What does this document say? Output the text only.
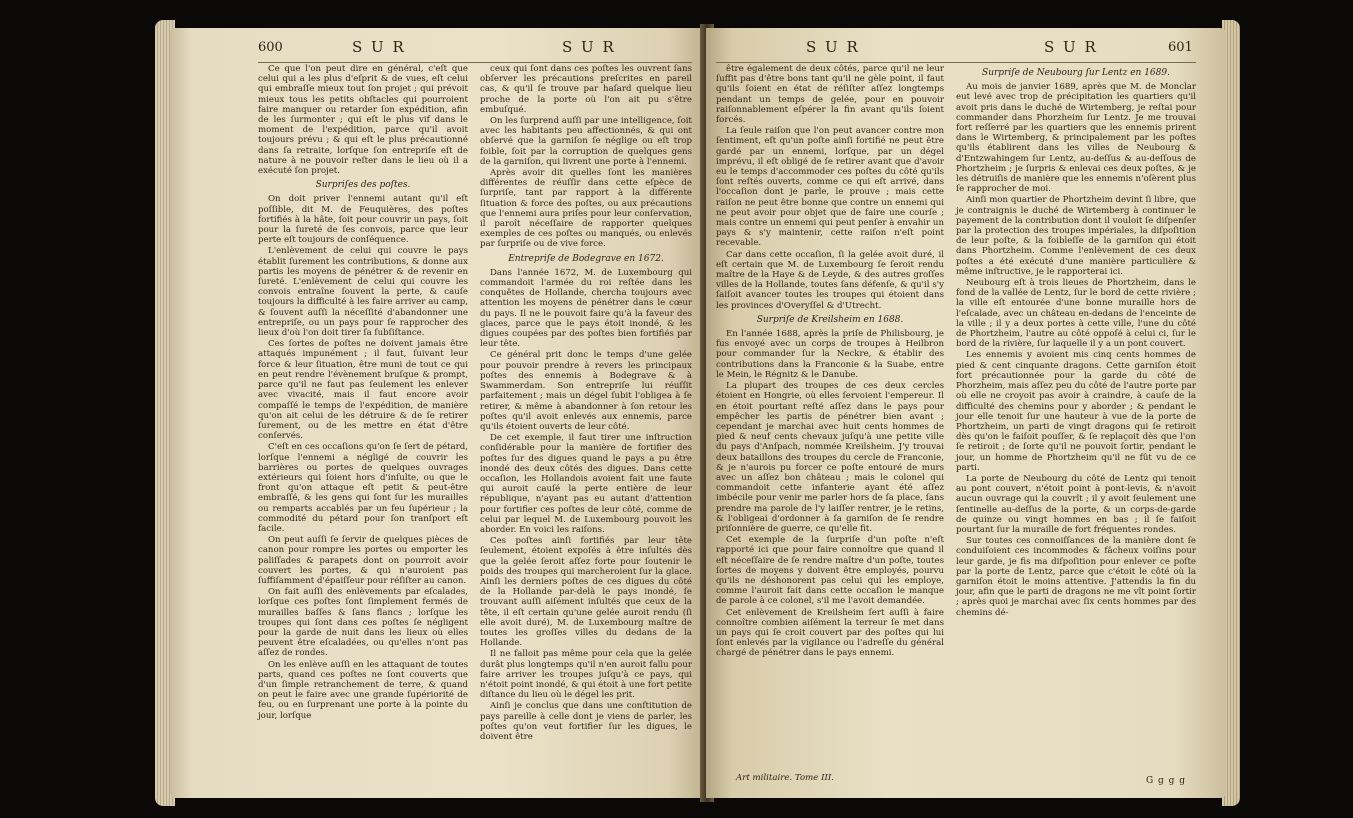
600	S U R	S U R

Ce que l'on peut dire en général, c'eſt que celui qui a les plus d'eſprit & de vues, eſt celui qui embraſſe mieux tout ſon projet ; qui prévoit mieux tous les petits obſtacles qui pourroient faire manquer ou retarder ſon expédition, afin de les ſurmonter ; qui eſt le plus vif dans le moment de l'expédition, parce qu'il avoit toujours prévu ; & qui eſt le plus précautionné dans ſa retraite, lorſque ſon entrepriſe eſt de nature à ne pouvoir reſter dans le lieu où il a exécuté ſon projet.

Surpriſes des poſtes.

On doit priver l'ennemi autant qu'il eſt poſſible, dit M. de Feuquières, des poſtes fortifiés à la hâte, ſoit pour couvrir un pays, ſoit pour la ſureté de ſes convois, parce que leur perte eſt toujours de conſéquence.

L'enlèvement de celui qui couvre le pays établit ſurement les contributions, & donne aux partis les moyens de pénétrer & de revenir en ſureté. L'enlèvement de celui qui couvre les convois entraîne ſouvent la perte, & cauſe toujours la difficulté à les faire arriver au camp, & ſouvent auſſi la néceſſité d'abandonner une entrepriſe, ou un pays pour ſe rapprocher des lieux d'où l'on doit tirer ſa ſubſiſtance.

Ces ſortes de poſtes ne doivent jamais être attaqués impunément ; il faut, ſuivant leur force & leur ſituation, être muni de tout ce qui en peut rendre l'évènement bruſque & prompt, parce qu'il ne faut pas ſeulement les enlever avec vivacité, mais il faut encore avoir compaſſé le temps de l'expédition, de manière qu'on ait celui de les détruire & de ſe retirer ſurement, ou de les mettre en état d'être conſervés.

C'eſt en ces occaſions qu'on ſe ſert de pétard, lorſque l'ennemi a négligé de couvrir les barrières ou portes de quelques ouvrages extérieurs qui ſoient hors d'inſulte, ou que le front qu'on attaque eſt petit & peut-être embraſſé, & les gens qui ſont ſur les murailles ou remparts accablés par un feu ſupérieur ; la commodité du pétard pour ſon tranſport eſt facile.

On peut auſſi ſe ſervir de quelques pièces de canon pour rompre les portes ou emporter les paliſſades & parapets dont on pourroit avoir couvert les portes, & qui n'auroient pas ſuffiſamment d'épaiſſeur pour réſiſter au canon.

On fait auſſi des enlèvements par eſcalades, lorſque ces poſtes ſont ſimplement fermés de murailles baſſes & ſans flancs ; lorſque les troupes qui ſont dans ces poſtes ſe négligent pour la garde de nuit dans les lieux où elles peuvent être eſcaladées, ou qu'elles n'ont pas aſſez de rondes.

On les enlève auſſi en les attaquant de toutes parts, quand ces poſtes ne ſont couverts que d'un ſimple retranchement de terre, & quand on peut le faire avec une grande ſupériorité de feu, ou en ſurprenant une porte à la pointe du jour, lorſque

ceux qui ſont dans ces poſtes les ouvrent ſans obſerver les précautions preſcrites en pareil cas, & qu'il ſe trouve par haſard quelque lieu proche de la porte où l'on ait pu s'être embuſqué.

On les ſurprend auſſi par une intelligence, ſoit avec les habitants peu affectionnés, & qui ont obſervé que la garniſon ſe néglige ou eſt trop foible, ſoit par la corruption de quelques gens de la garniſon, qui livrent une porte à l'ennemi.

Après avoir dit quelles ſont les manières différentes de réuſſir dans cette eſpèce de ſurpriſe, tant par rapport à la différente ſituation & force des poſtes, ou aux précautions que l'ennemi aura priſes pour leur conſervation, il paroît néceſſaire de rapporter quelques exemples de ces poſtes ou manqués, ou enlevés par ſurpriſe ou de vive force.

Entrepriſe de Bodegrave en 1672.

Dans l'année 1672, M. de Luxembourg qui commandoit l'armée du roi reſtée dans les conquêtes de Hollande, chercha toujours avec attention les moyens de pénétrer dans le cœur du pays. Il ne le pouvoit faire qu'à la faveur des glaces, parce que le pays étoit inondé, & les digues coupées par des poſtes bien fortifiés par leur tête.

Ce général prit donc le temps d'une gelée pour pouvoir prendre à revers les principaux poſtes des ennemis à Bodegrave & à Swammerdam. Son entrepriſe lui réuſſit parfaitement ; mais un dégel ſubit l'obligea à ſe retirer, & même à abandonner à ſon retour les poſtes qu'il avoit enlevés aux ennemis, parce qu'ils étoient ouverts de leur côté.

De cet exemple, il faut tirer une inſtruction conſidérable pour la manière de fortifier des poſtes ſur des digues quand le pays a pu être inondé des deux côtés des digues. Dans cette occaſion, les Hollandois avoient fait une faute qui auroit cauſé la perte entière de leur république, n'ayant pas eu autant d'attention pour fortifier ces poſtes de leur côté, comme de celui par lequel M. de Luxembourg pouvoit les aborder. En voici les raiſons.

Ces poſtes ainſi fortifiés par leur tête ſeulement, étoient expoſés à être inſultés dès que la gelée ſeroit aſſez forte pour ſoutenir le poids des troupes qui marcheroient ſur la glace. Ainſi les derniers poſtes de ces digues du côté de la Hollande par-delà le pays inondé, ſe trouvant auſſi aiſément inſultés que ceux de la tête, il eſt certain qu'une gelée auroit rendu (ſi elle avoit duré), M. de Luxembourg maître de toutes les groſſes villes du dedans de la Hollande.

Il ne falloit pas même pour cela que la gelée durât plus longtemps qu'il n'en auroit fallu pour faire arriver les troupes juſqu'à ce pays, qui n'étoit point inondé, & qui étoit à une fort petite diſtance du lieu où le dégel les prit.

Ainſi je conclus que dans une conſtitution de pays pareille à celle dont je viens de parler, les poſtes qu'on veut fortifier ſur les digues, le doivent être

S U R	S U R	601

être également de deux côtés, parce qu'il ne leur ſuffit pas d'être bons tant qu'il ne gèle point, il faut qu'ils ſoient en état de réſiſter aſſez longtemps pendant un temps de gelée, pour en pouvoir raiſonnablement eſpérer la fin avant qu'ils ſoient forcés.

La ſeule raiſon que l'on peut avancer contre mon ſentiment, eſt qu'un poſte ainſi fortifié ne peut être gardé par un ennemi, lorſque, par un dégel imprévu, il eſt obligé de ſe retirer avant que d'avoir eu le temps d'accommoder ces poſtes du côté qu'ils ſont reſtés ouverts, comme ce qui eſt arrivé, dans l'occaſion dont je parle, le prouve ; mais cette raiſon ne peut être bonne que contre un ennemi qui ne peut avoir pour objet que de faire une courſe ; mais contre un ennemi qui peut penſer à envahir un pays & s'y maintenir, cette raiſon n'eſt point recevable.

Car dans cette occaſion, ſi la gelée avoit duré, il eſt certain que M. de Luxembourg ſe ſeroit rendu maître de la Haye & de Leyde, & des autres groſſes villes de la Hollande, toutes ſans défenſe, & qu'il s'y ſaiſoit avancer toutes les troupes qui étoient dans les provinces d'Overyſſel & d'Utrecht.

Surpriſe de Kreilsheim en 1688.

En l'année 1688, après la priſe de Philisbourg, je fus envoyé avec un corps de troupes à Heilbron pour commander ſur la Neckre, & établir des contributions dans la Franconie & la Suabe, entre le Mein, le Régnitz & le Danube.

La plupart des troupes de ces deux cercles étoient en Hongrie, où elles ſervoient l'empereur. Il en étoit pourtant reſté aſſez dans le pays pour empêcher les partis de pénétrer bien avant ; cependant je marchai avec huit cents hommes de pied & neuf cents chevaux juſqu'à une petite ville du pays d'Anſpach, nommée Kreilsheim. J'y trouvai deux bataillons des troupes du cercle de Franconie, & je n'aurois pu forcer ce poſte entouré de murs avec un aſſez bon château ; mais le colonel qui commandoit cette infanterie ayant été aſſez imbécile pour venir me parler hors de ſa place, ſans prendre ma parole de l'y laiſſer rentrer, je le retins, & l'obligeai d'ordonner à ſa garniſon de ſe rendre priſonnière de guerre, ce qu'elle fit.

Cet exemple de la ſurpriſe d'un poſte n'eſt rapporté ici que pour faire connoître que quand il eſt néceſſaire de ſe rendre maître d'un poſte, toutes ſortes de moyens y doivent être employés, pourvu qu'ils ne déshonorent pas celui qui les employe, comme l'auroit fait dans cette occaſion le manque de parole à ce colonel, s'il me l'avoit demandée.

Cet enlèvement de Kreilsheim ſert auſſi à faire connoître combien aiſément la terreur ſe met dans un pays qui ſe croit couvert par des poſtes qui lui ſont enlevés par la vigilance ou l'adreſſe du général chargé de pénétrer dans le pays ennemi.

Art militaire. Tome III.
Surpriſe de Neubourg ſur Lentz en 1689.

Au mois de janvier 1689, après que M. de Monclar eut levé avec trop de précipitation les quartiers qu'il avoit pris dans le duché de Wirtemberg, je reſtai pour commander dans Phorzheim ſur Lentz. Je me trouvai fort reſſerré par les quartiers que les ennemis prirent dans le Wirtemberg, & principalement par les poſtes qu'ils établirent dans les villes de Neubourg & d'Entzwahingem ſur Lentz, au-deſſus & au-deſſous de Phortzheim ; je ſurpris & enlevai ces deux poſtes, & je les détruiſis de manière que les ennemis n'oſèrent plus ſe rapprocher de moi.

Ainſi mon quartier de Phortzheim devint ſi libre, que je contraignis le duché de Wirtemberg à continuer le payement de la contribution dont il vouloit ſe diſpenſer par la protection des troupes impériales, la diſpoſition de leur poſte, & la foibleſſe de la garniſon qui étoit dans Phortzheim. Comme l'enlèvement de ces deux poſtes a été exécuté d'une manière particulière & même inſtructive, je le rapporterai ici.

Neubourg eſt à trois lieues de Phortzheim, dans le fond de la vallée de Lentz, ſur le bord de cette rivière ; la ville eſt entourée d'une bonne muraille hors de l'eſcalade, avec un château en-dedans de l'enceinte de la ville ; il y a deux portes à cette ville, l'une du côté de Phortzheim, l'autre au côté oppoſé à celui ci, ſur le bord de la rivière, ſur laquelle il y a un pont couvert.

Les ennemis y avoient mis cinq cents hommes de pied & cent cinquante dragons. Cette garniſon étoit fort précautionnée pour la garde du côté de Phorzheim, mais aſſez peu du côté de l'autre porte par où elle ne croyoit pas avoir à craindre, à cauſe de la difficulté des chemins pour y aborder ; & pendant le jour elle tenoit ſur une hauteur à vue de la porte de Phortzheim, un parti de vingt dragons qui ſe retiroit dès qu'on le faiſoit pouſſer, & ſe replaçoit dès que l'on ſe retiroit ; de ſorte qu'il ne pouvoit ſortir, pendant le jour, un homme de Phortzheim qu'il ne fût vu de ce parti.

La porte de Neubourg du côté de Lentz qui tenoit au pont couvert, n'étoit point à pont-levis, & n'avoit aucun ouvrage qui la couvrît ; il y avoit ſeulement une ſentinelle au-deſſus de la porte, & un corps-de-garde de quinze ou vingt hommes en bas ; il ſe faiſoit pourtant ſur la muraille de fort fréquentes rondes.

Sur toutes ces connoiſſances de la manière dont ſe conduiſoient ces incommodes & fâcheux voiſins pour leur garde, je fis ma diſpoſition pour enlever ce poſte par la porte de Lentz, parce que c'étoit le côté où la garniſon étoit le moins attentive. J'attendis la fin du jour, afin que le parti de dragons ne me vît point ſortir ; après quoi je marchai avec ſix cents hommes par des chemins dé-

G g g g
